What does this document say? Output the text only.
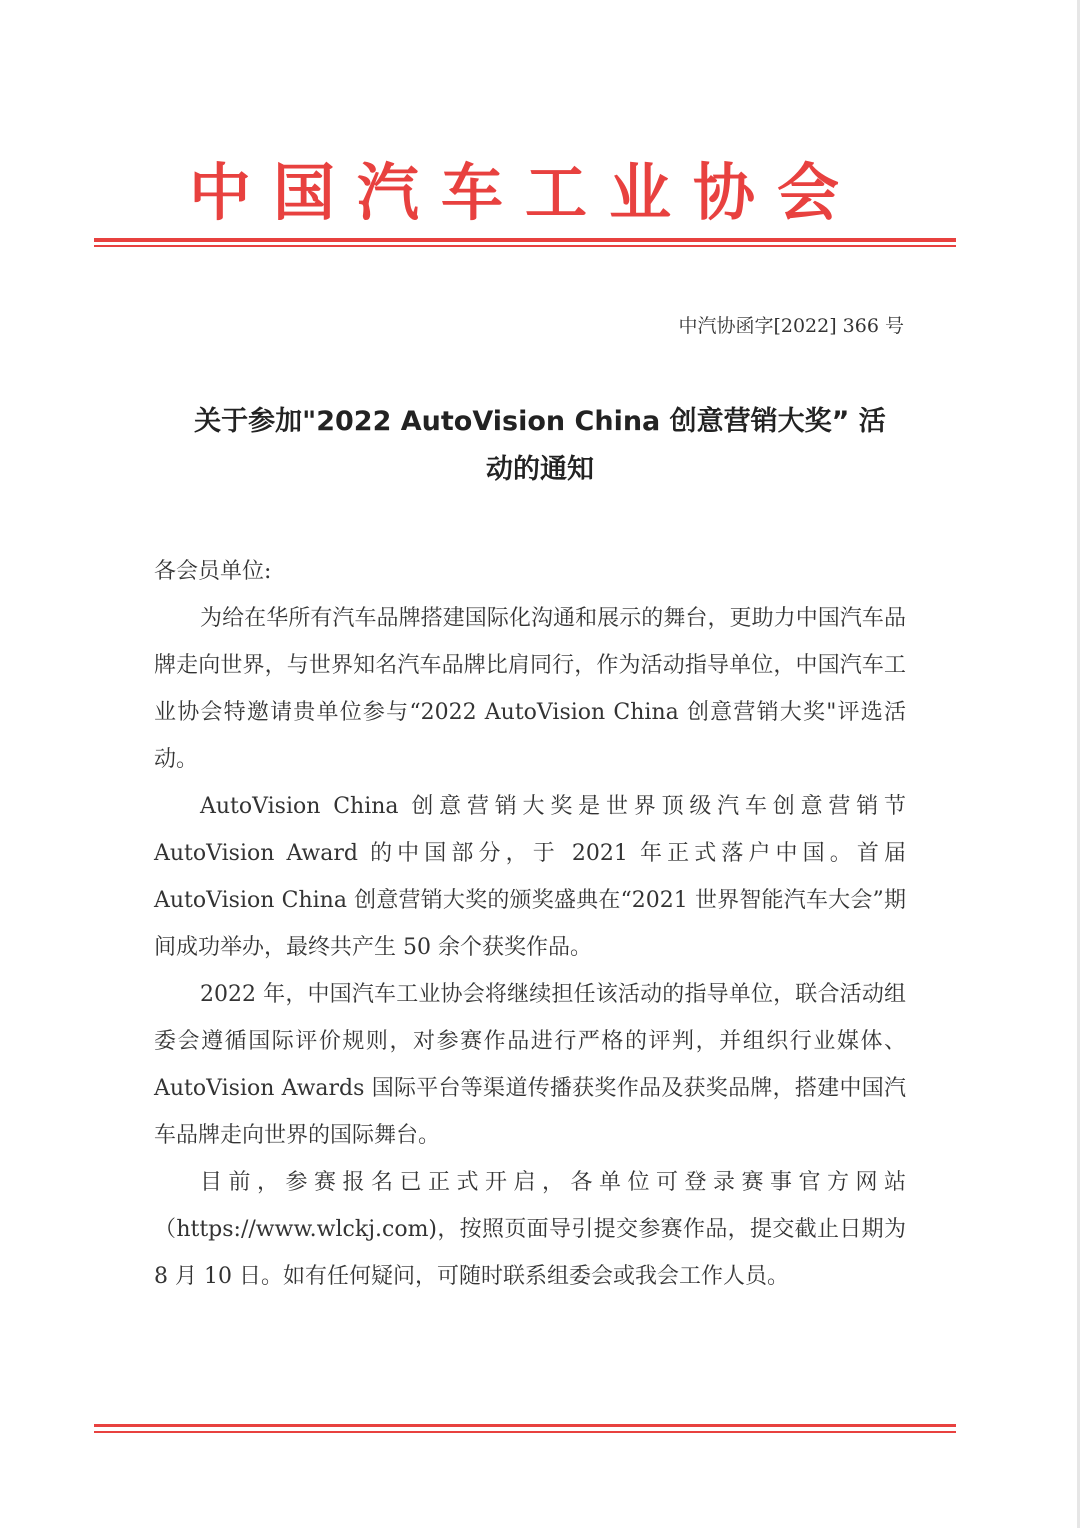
中国汽车工业协会
中汽协函字[2022] 366 号
关于参加"2022 AutoVision China 创意营销大奖” 活
动的通知

各会员单位:

为给在华所有汽车品牌搭建国际化沟通和展示的舞台，更助力中国汽车品牌走向世界，与世界知名汽车品牌比肩同行，作为活动指导单位，中国汽车工业协会特邀请贵单位参与“2022 AutoVision China 创意营销大奖"评选活动。

AutoVision China 创意营销大奖是世界顶级汽车创意营销节 AutoVision Award 的中国部分，于 2021 年正式落户中国。首届 AutoVision China 创意营销大奖的颁奖盛典在“2021 世界智能汽车大会”期间成功举办，最终共产生 50 余个获奖作品。

2022 年，中国汽车工业协会将继续担任该活动的指导单位，联合活动组委会遵循国际评价规则，对参赛作品进行严格的评判，并组织行业媒体、AutoVision Awards 国际平台等渠道传播获奖作品及获奖品牌，搭建中国汽车品牌走向世界的国际舞台。

目前，参赛报名已正式开启，各单位可登录赛事官方网站（https://www.wlckj.com)，按照页面导引提交参赛作品，提交截止日期为 8 月 10 日。如有任何疑问，可随时联系组委会或我会工作人员。
